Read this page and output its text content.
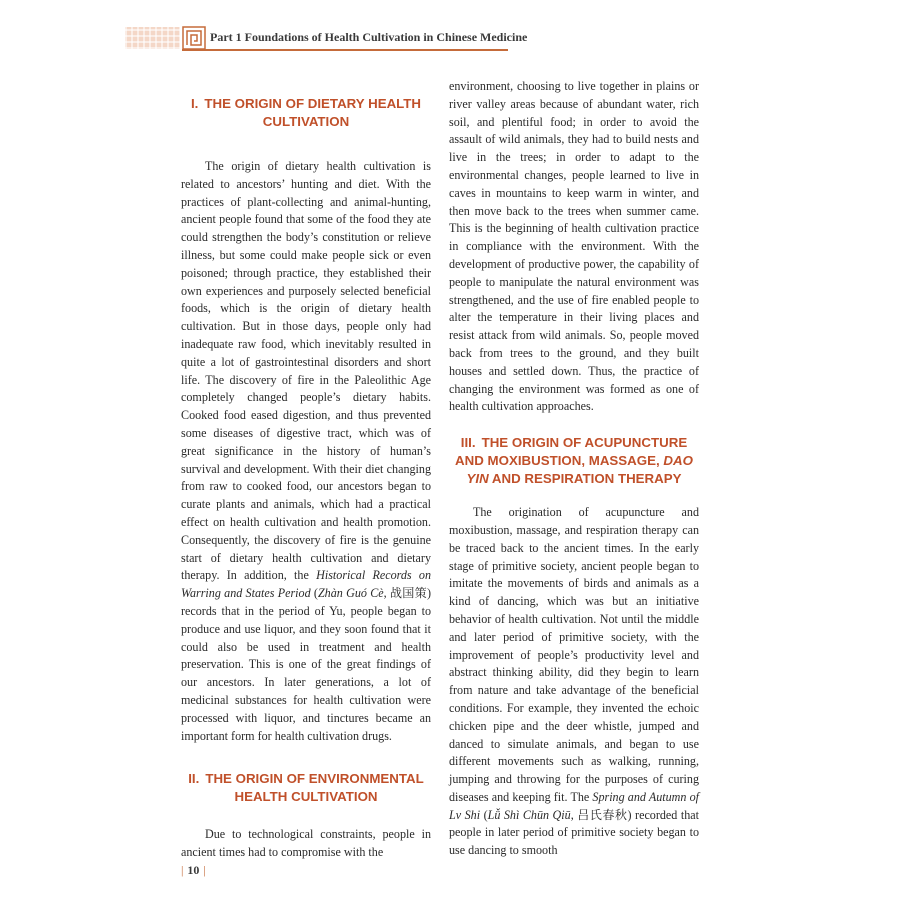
Part 1 Foundations of Health Cultivation in Chinese Medicine
I. THE ORIGIN OF DIETARY HEALTH
CULTIVATION

The origin of dietary health cultivation is related to ancestors’ hunting and diet. With the practices of plant-collecting and animal-hunting, ancient people found that some of the food they ate could strengthen the body’s constitution or relieve illness, but some could make people sick or even poisoned; through practice, they established their own experiences and purposely selected beneficial foods, which is the origin of dietary health cultivation. But in those days, people only had inadequate raw food, which inevitably resulted in quite a lot of gastrointestinal disorders and short life. The discovery of fire in the Paleolithic Age completely changed people’s dietary habits. Cooked food eased digestion, and thus prevented some diseases of digestive tract, which was of great significance in the history of human’s survival and development. With their diet changing from raw to cooked food, our ancestors began to curate plants and animals, which had a practical effect on health cultivation and health promotion. Consequently, the discovery of fire is the genuine start of dietary health cultivation and dietary therapy. In addition, the Historical Records on Warring and States Period (Zhàn Guó Cè, 战国策) records that in the period of Yu, people began to produce and use liquor, and they soon found that it could also be used in treatment and health preservation. This is one of the great findings of our ancestors. In later generations, a lot of medicinal substances for health cultivation were processed with liquor, and tinctures became an important form for health cultivation drugs.

II. THE ORIGIN OF ENVIRONMENTAL
HEALTH CULTIVATION

Due to technological constraints, people in ancient times had to compromise with the

environment, choosing to live together in plains or river valley areas because of abundant water, rich soil, and plentiful food; in order to avoid the assault of wild animals, they had to build nests and live in the trees; in order to adapt to the environmental changes, people learned to live in caves in mountains to keep warm in winter, and then move back to the trees when summer came. This is the beginning of health cultivation practice in compliance with the environment. With the development of productive power, the capability of people to manipulate the natural environment was strengthened, and the use of fire enabled people to alter the temperature in their living places and resist attack from wild animals. So, people moved back from trees to the ground, and they built houses and settled down. Thus, the practice of changing the environment was formed as one of health cultivation approaches.

III. THE ORIGIN OF ACUPUNCTURE
AND MOXIBUSTION, MASSAGE, DAO
YIN AND RESPIRATION THERAPY

The origination of acupuncture and moxibustion, massage, and respiration therapy can be traced back to the ancient times. In the early stage of primitive society, ancient people began to imitate the movements of birds and animals as a kind of dancing, which was but an initiative behavior of health cultivation. Not until the middle and later period of primitive society, with the improvement of people’s productivity level and abstract thinking ability, did they begin to learn from nature and take advantage of the beneficial conditions. For example, they invented the echoic chicken pipe and the deer whistle, jumped and danced to simulate animals, and began to use different movements such as walking, running, jumping and throwing for the purposes of curing diseases and keeping fit. The Spring and Autumn of Lv Shi (Lǚ Shì Chūn Qiū, 吕氏春秋) recorded that people in later period of primitive society began to use dancing to smooth

| 10 |
